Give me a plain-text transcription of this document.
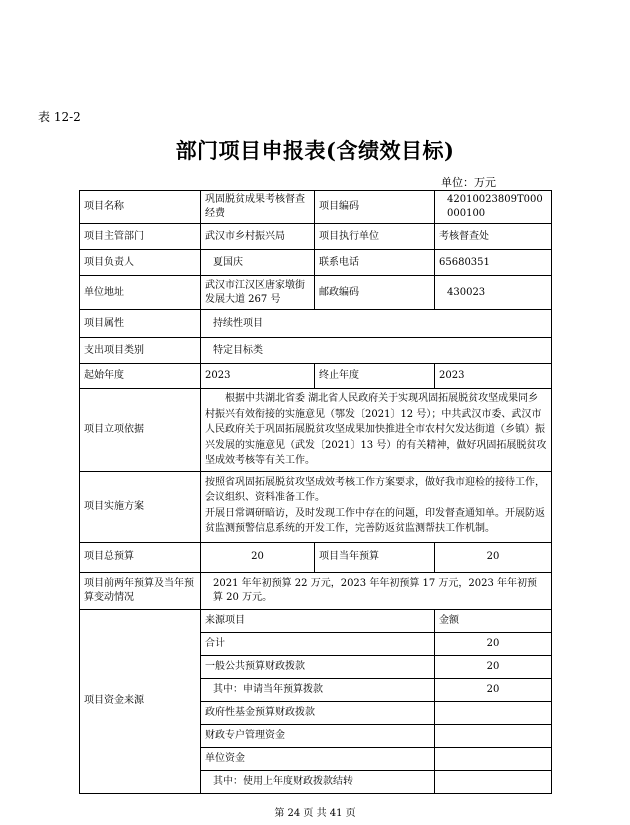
表 12-2
部门项目申报表(含绩效目标)
单位：万元
项目名称	巩固脱贫成果考核督查经费	项目编码	42010023809T000000100
项目主管部门	武汉市乡村振兴局	项目执行单位	考核督查处
项目负责人	夏国庆	联系电话	65680351
单位地址	武汉市江汉区唐家墩街发展大道 267 号	邮政编码	430023
项目属性	持续性项目		
支出项目类别	特定目标类		
起始年度	2023	终止年度	2023
项目立项依据	根据中共湖北省委 湖北省人民政府关于实现巩固拓展脱贫攻坚成果同乡村振兴有效衔接的实施意见（鄂发〔2021〕12 号）；中共武汉市委、武汉市人民政府关于巩固拓展脱贫攻坚成果加快推进全市农村欠发达街道（乡镇）振兴发展的实施意见（武发〔2021〕13 号）的有关精神，做好巩固拓展脱贫攻坚成效考核等有关工作。		
项目实施方案	按照省巩固拓展脱贫攻坚成效考核工作方案要求，做好我市迎检的接待工作，会议组织、资料准备工作。
开展日常调研暗访，及时发现工作中存在的问题，印发督查通知单。开展防返贫监测预警信息系统的开发工作，完善防返贫监测帮扶工作机制。		

项目总预算	20	项目当年预算	20
项目前两年预算及当年预算变动情况	2021 年年初预算 22 万元，2023 年年初预算 17 万元，2023 年年初预算 20 万元。		
项目资金来源	来源项目		金额
	合计		20
	一般公共预算财政拨款		20
	其中：申请当年预算拨款		20
	政府性基金预算财政拨款		
	财政专户管理资金		
	单位资金		
	其中：使用上年度财政拨款结转		
第 24 页 共 41 页
